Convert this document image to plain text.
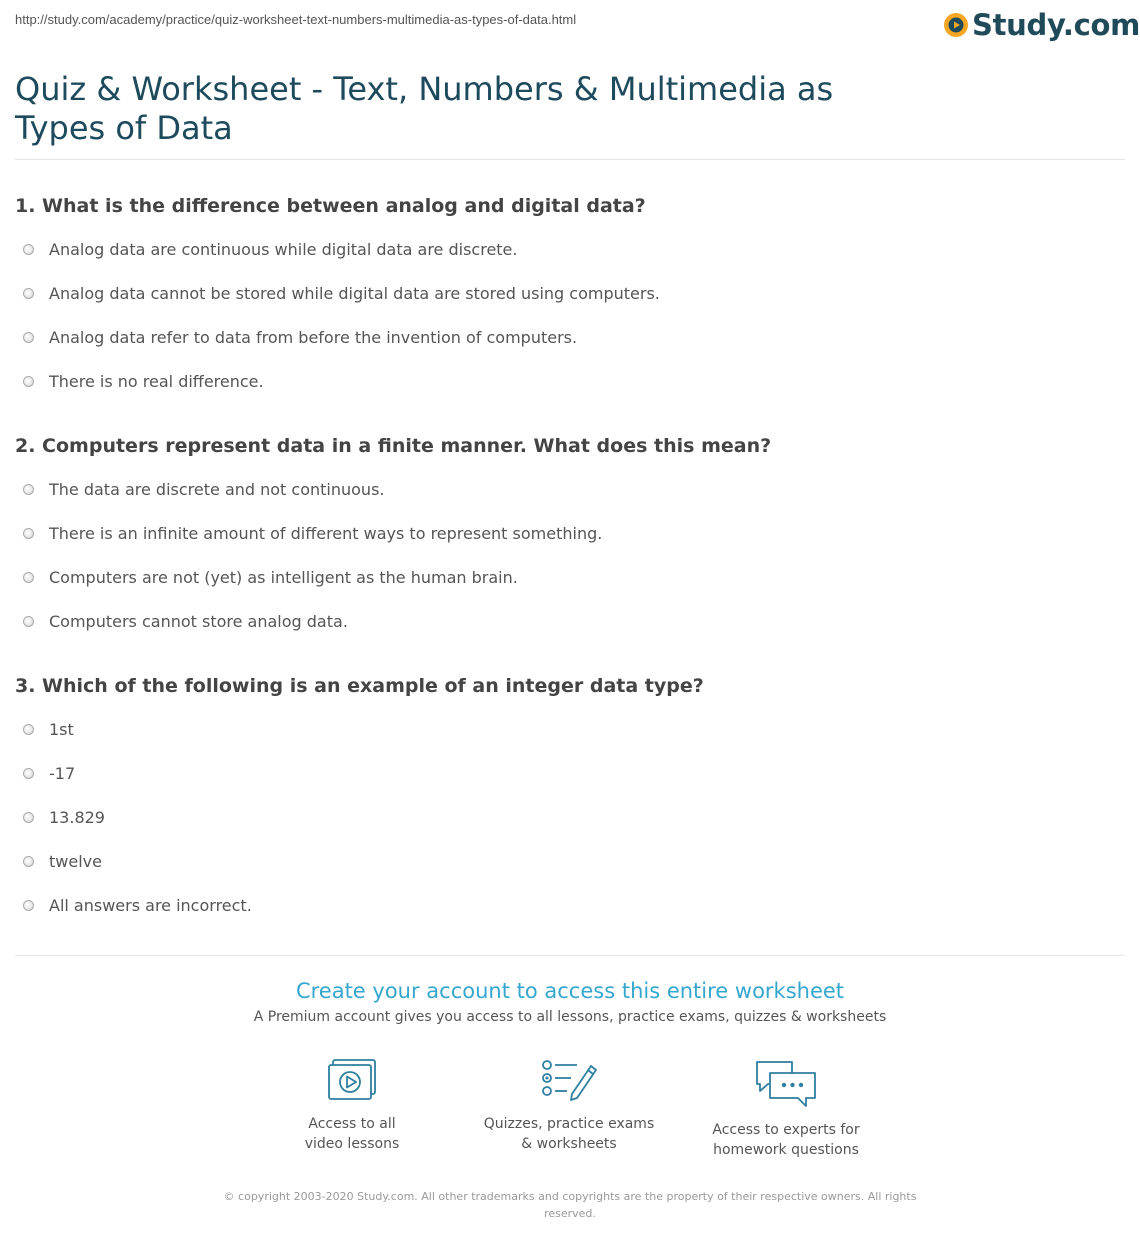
http://study.com/academy/practice/quiz-worksheet-text-numbers-multimedia-as-types-of-data.html	Study.com
Quiz & Worksheet - Text, Numbers & Multimedia as Types of Data

1. What is the difference between analog and digital data?

Analog data are continuous while digital data are discrete.
Analog data cannot be stored while digital data are stored using computers.
Analog data refer to data from before the invention of computers.
There is no real difference.

2. Computers represent data in a finite manner. What does this mean?

The data are discrete and not continuous.
There is an infinite amount of different ways to represent something.
Computers are not (yet) as intelligent as the human brain.
Computers cannot store analog data.

3. Which of the following is an example of an integer data type?

1st
-17
13.829
twelve
All answers are incorrect.
Create your account to access this entire worksheet
A Premium account gives you access to all lessons, practice exams, quizzes & worksheets
Access to all
video lessons
Quizzes, practice exams
& worksheets
Access to experts for
homework questions
© copyright 2003-2020 Study.com. All other trademarks and copyrights are the property of their respective owners. All rights
reserved.
